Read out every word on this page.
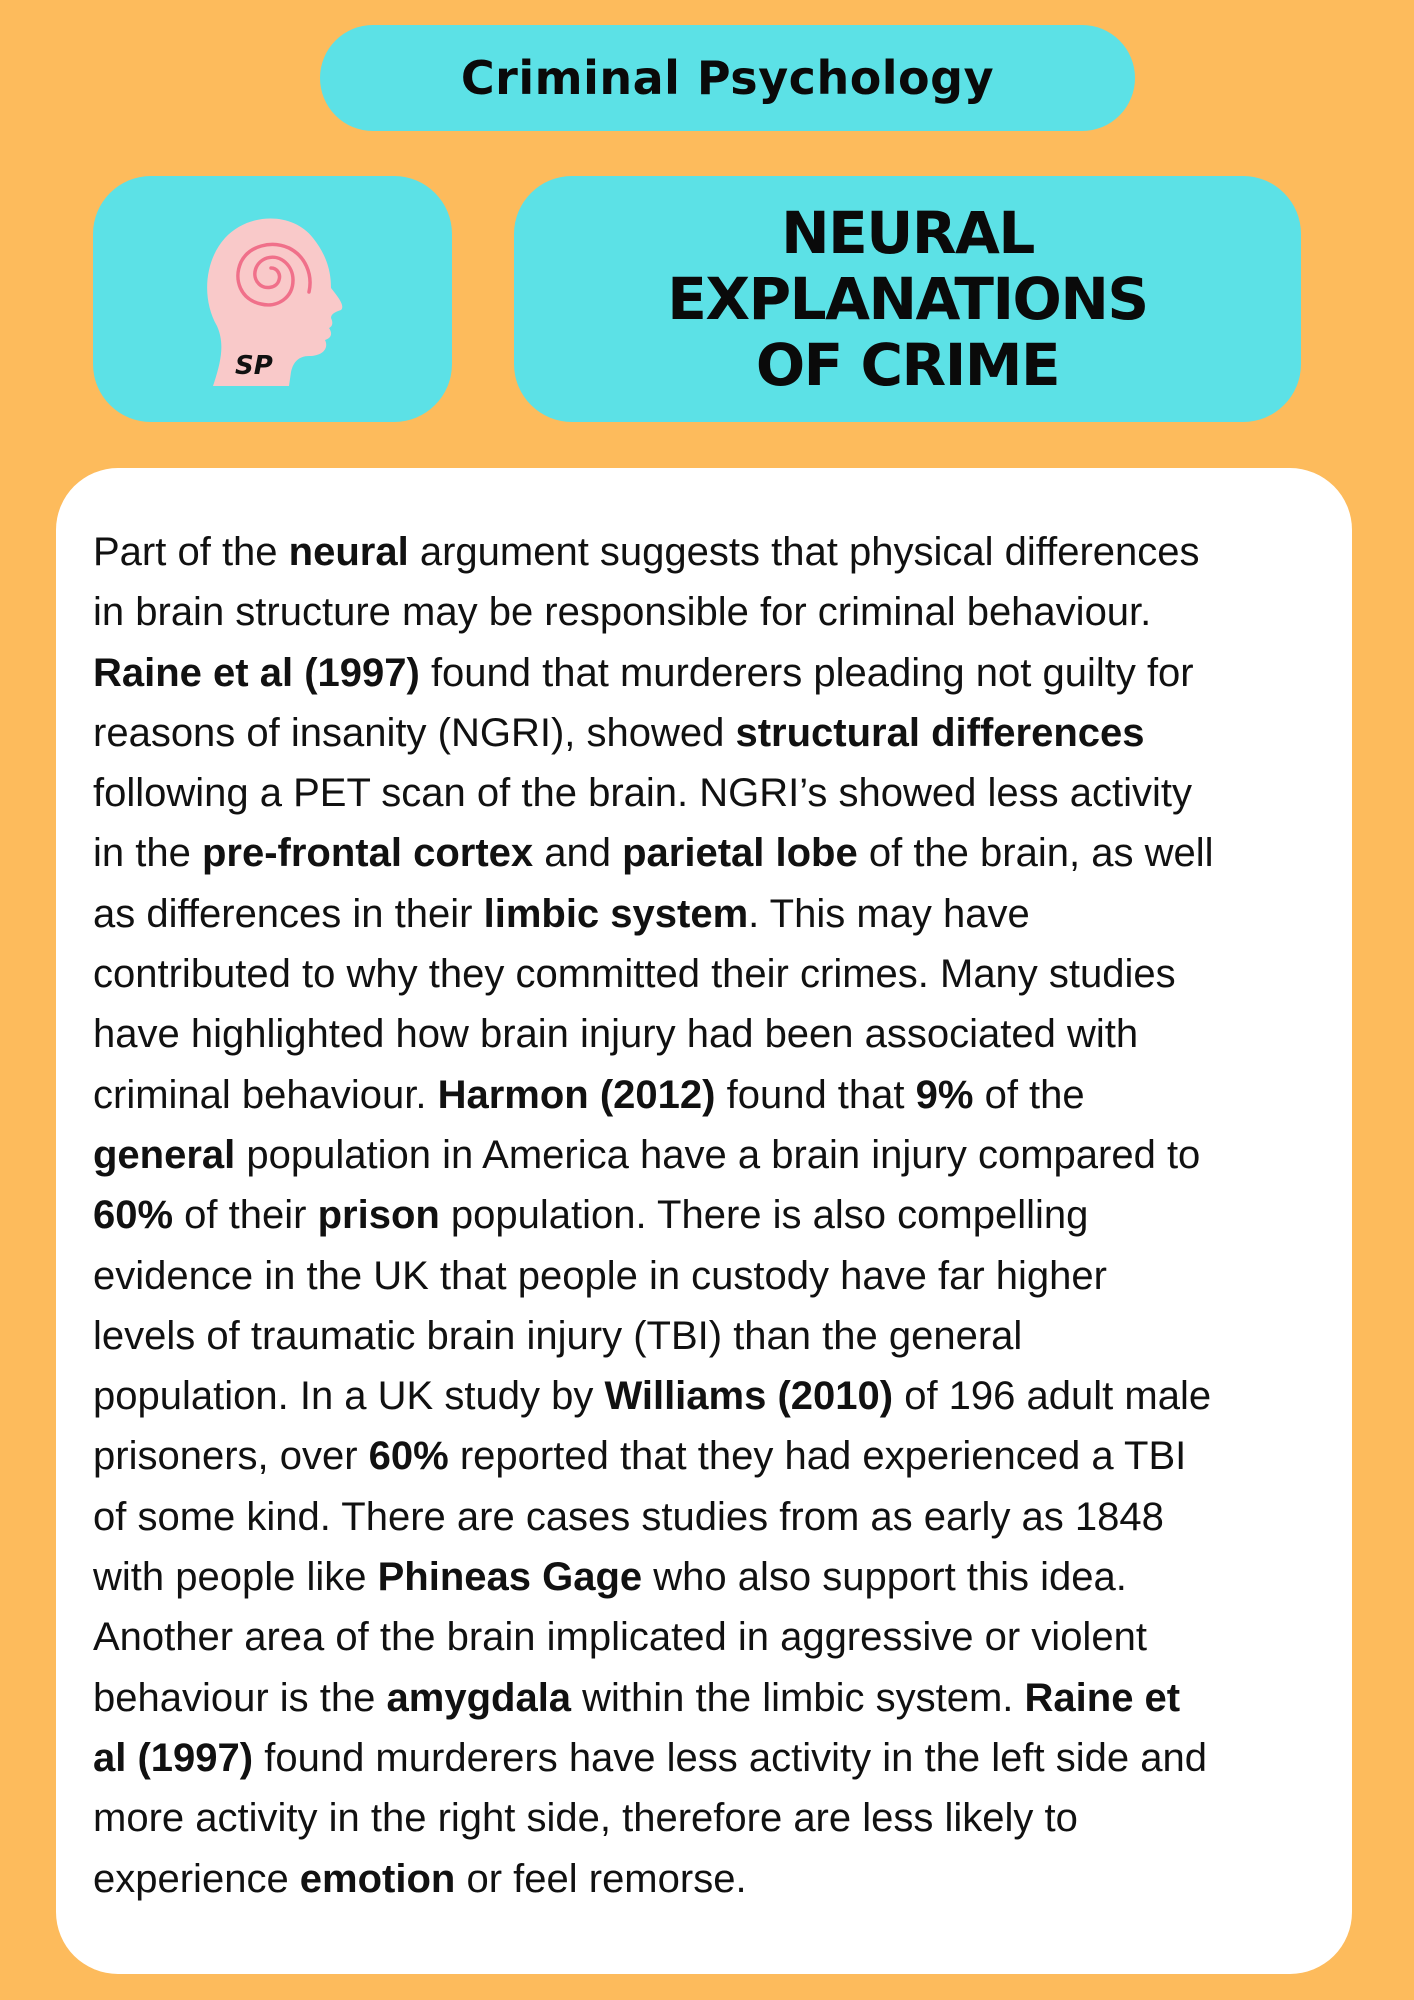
Criminal Psychology
SP
NEURAL
EXPLANATIONS
OF CRIME

Part of the neural argument suggests that physical differences
in brain structure may be responsible for criminal behaviour.
Raine et al (1997) found that murderers pleading not guilty for
reasons of insanity (NGRI), showed structural differences
following a PET scan of the brain. NGRI’s showed less activity
in the pre-frontal cortex and parietal lobe of the brain, as well
as differences in their limbic system. This may have
contributed to why they committed their crimes. Many studies
have highlighted how brain injury had been associated with
criminal behaviour. Harmon (2012) found that 9% of the
general population in America have a brain injury compared to
60% of their prison population. There is also compelling
evidence in the UK that people in custody have far higher
levels of traumatic brain injury (TBI) than the general
population. In a UK study by Williams (2010) of 196 adult male
prisoners, over 60% reported that they had experienced a TBI
of some kind. There are cases studies from as early as 1848
with people like Phineas Gage who also support this idea.
Another area of the brain implicated in aggressive or violent
behaviour is the amygdala within the limbic system. Raine et
al (1997) found murderers have less activity in the left side and
more activity in the right side, therefore are less likely to
experience emotion or feel remorse.
